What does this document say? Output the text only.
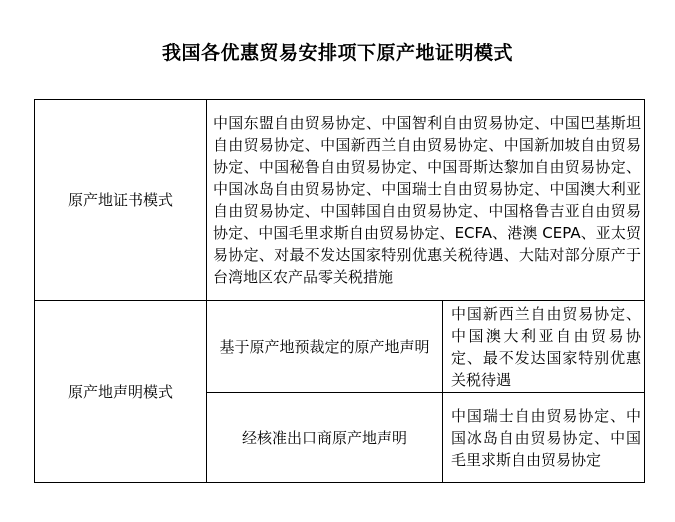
我国各优惠贸易安排项下原产地证明模式
原产地证书模式	中国东盟自由贸易协定、中国智利自由贸易协定、中国巴基斯坦自由贸易协定、中国新西兰自由贸易协定、中国新加坡自由贸易协定、中国秘鲁自由贸易协定、中国哥斯达黎加自由贸易协定、中国冰岛自由贸易协定、中国瑞士自由贸易协定、中国澳大利亚自由贸易协定、中国韩国自由贸易协定、中国格鲁吉亚自由贸易协定、中国毛里求斯自由贸易协定、ECFA、港澳 CEPA、亚太贸易协定、对最不发达国家特别优惠关税待遇、大陆对部分原产于台湾地区农产品零关税措施	
原产地声明模式	基于原产地预裁定的原产地声明	中国新西兰自由贸易协定、中国澳大利亚自由贸易协定、最不发达国家特别优惠关税待遇
	经核准出口商原产地声明	中国瑞士自由贸易协定、中国冰岛自由贸易协定、中国毛里求斯自由贸易协定
